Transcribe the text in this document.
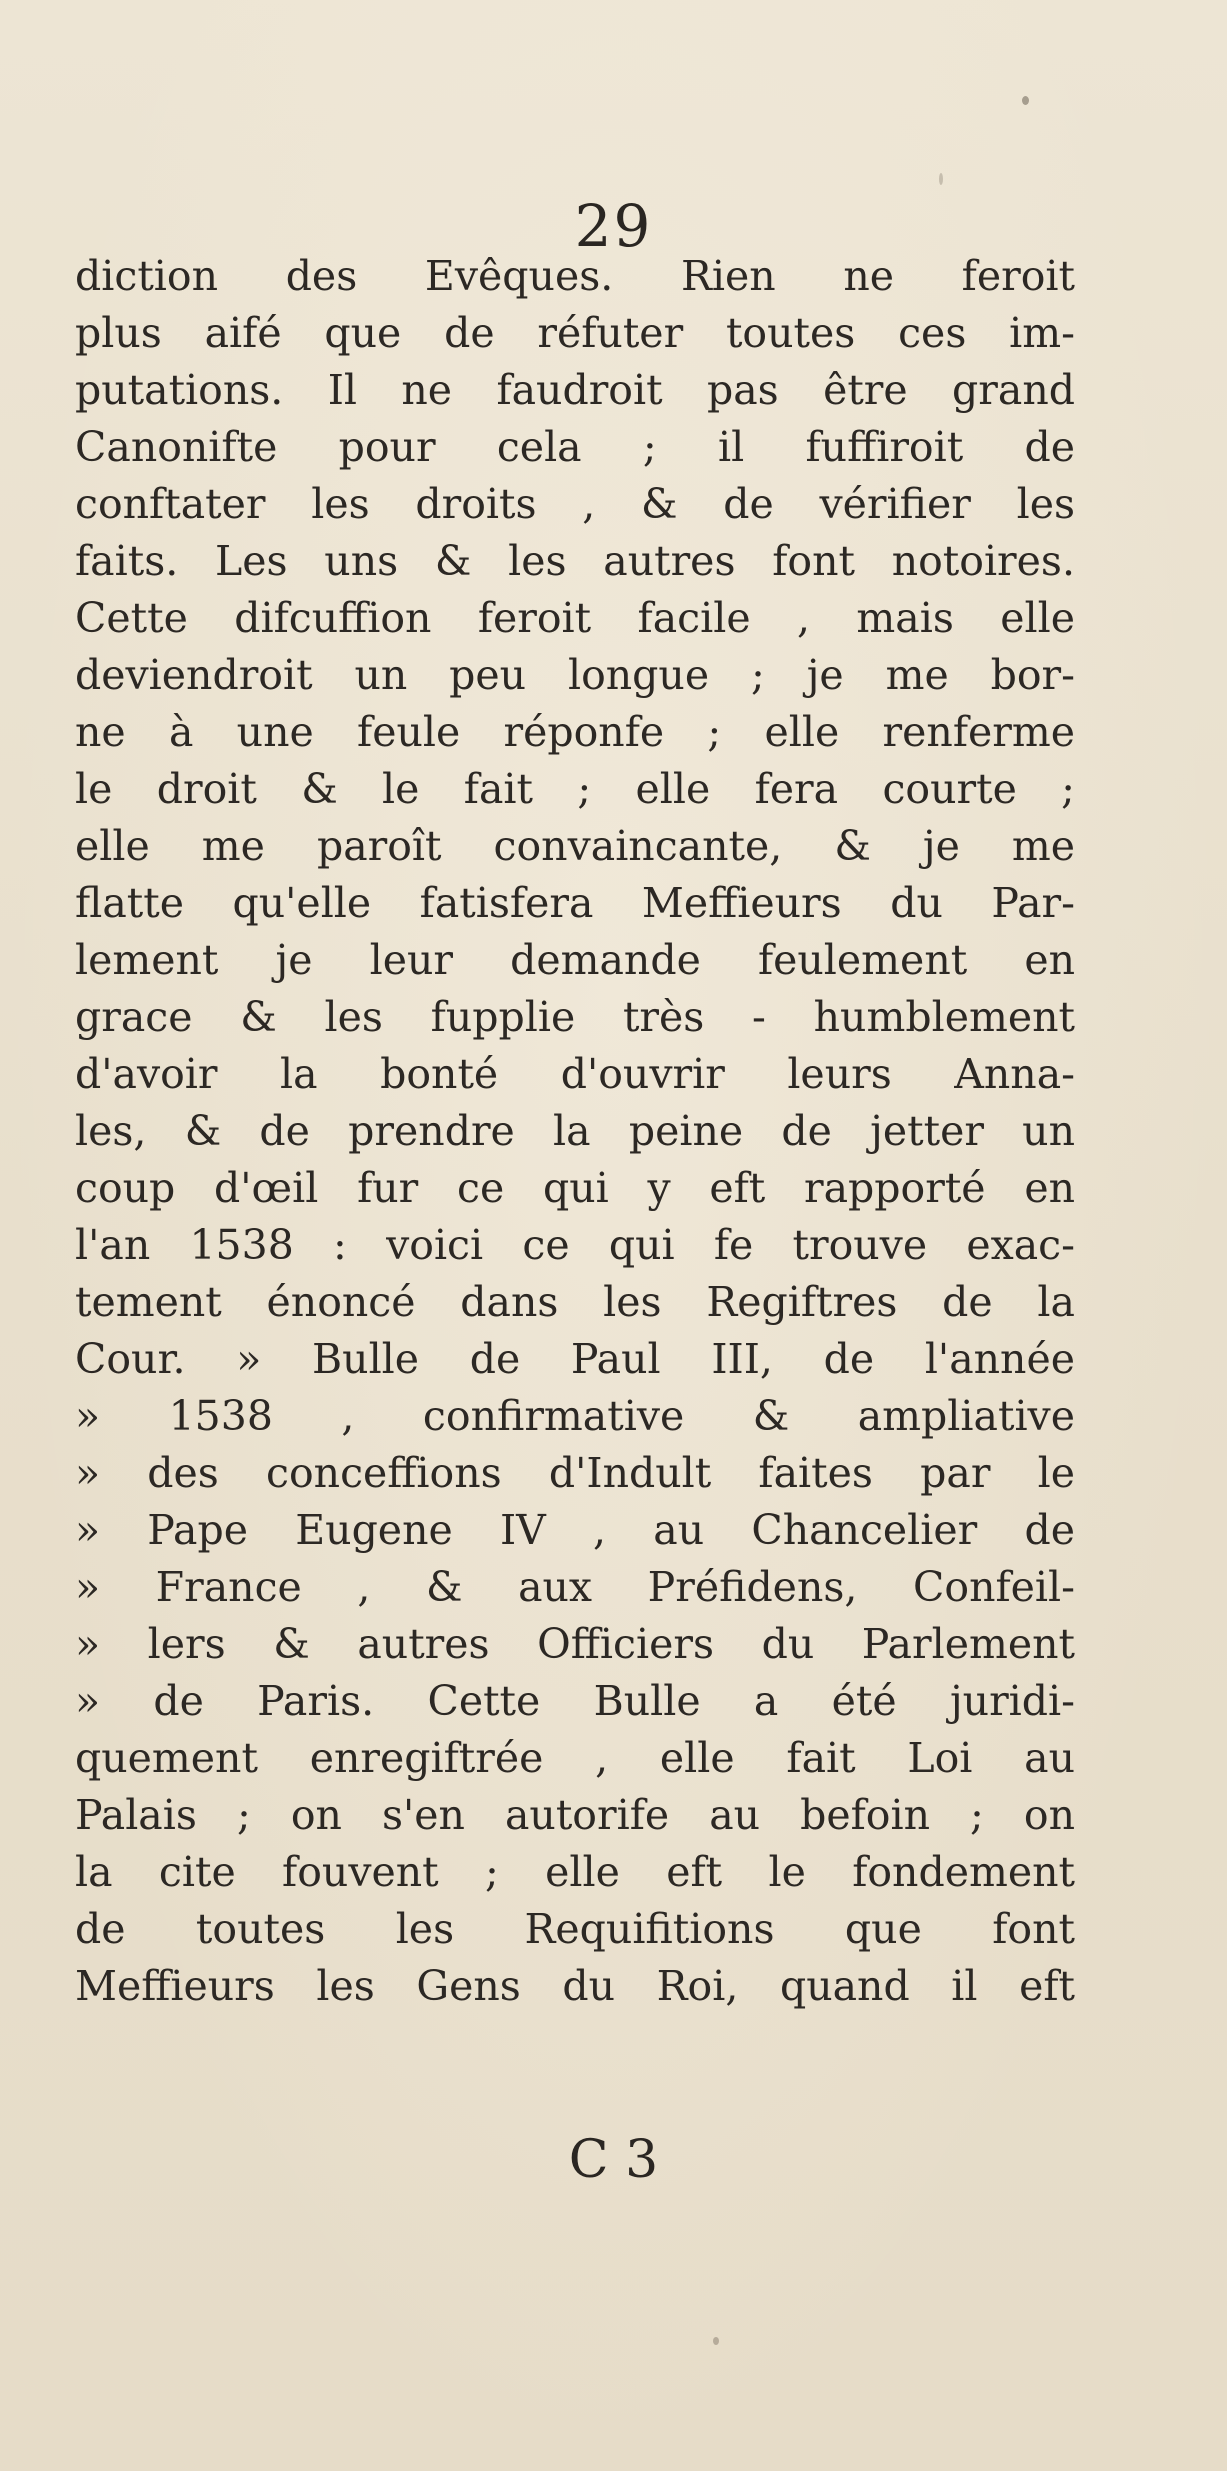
29
diction des Evêques. Rien ne feroit
plus aifé que de réfuter toutes ces im-
putations. Il ne faudroit pas être grand
Canonifte pour cela ; il fuffiroit de
conftater les droits , & de vérifier les
faits. Les uns & les autres font notoires.
Cette difcuffion feroit facile , mais elle
deviendroit un peu longue ; je me bor-
ne à une feule réponfe ; elle renferme
le droit & le fait ; elle fera courte ;
elle me paroît convaincante, & je me
flatte qu'elle fatisfera Meffieurs du Par-
lement je leur demande feulement en
grace & les fupplie très - humblement
d'avoir la bonté d'ouvrir leurs Anna-
les, & de prendre la peine de jetter un
coup d'œil fur ce qui y eft rapporté en
l'an 1538 : voici ce qui fe trouve exac-
tement énoncé dans les Regiftres de la
Cour. » Bulle de Paul III, de l'année
» 1538 , confirmative & ampliative
» des conceffions d'Indult faites par le
» Pape Eugene IV , au Chancelier de
» France , & aux Préfidens, Confeil-
» lers & autres Officiers du Parlement
» de Paris. Cette Bulle a été juridi-
quement enregiftrée , elle fait Loi au
Palais ; on s'en autorife au befoin ; on
la cite fouvent ; elle eft le fondement
de toutes les Requifitions que font
Meffieurs les Gens du Roi, quand il eft
C 3
